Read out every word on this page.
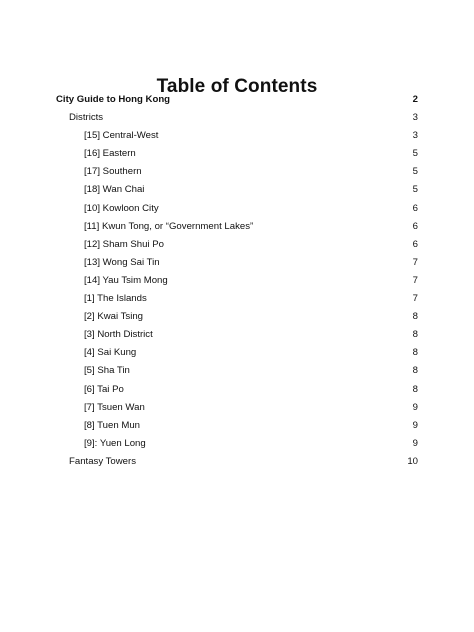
Table of Contents
City Guide to Hong Kong	2
Districts	3
[15] Central-West	3
[16] Eastern	5
[17] Southern	5
[18] Wan Chai	5
[10] Kowloon City	6
[11] Kwun Tong, or “Government Lakes”	6
[12] Sham Shui Po	6
[13] Wong Sai Tin	7
[14] Yau Tsim Mong	7
[1] The Islands	7
[2] Kwai Tsing	8
[3] North District	8
[4] Sai Kung	8
[5] Sha Tin	8
[6] Tai Po	8
[7] Tsuen Wan	9
[8] Tuen Mun	9
[9]: Yuen Long	9
Fantasy Towers	10
